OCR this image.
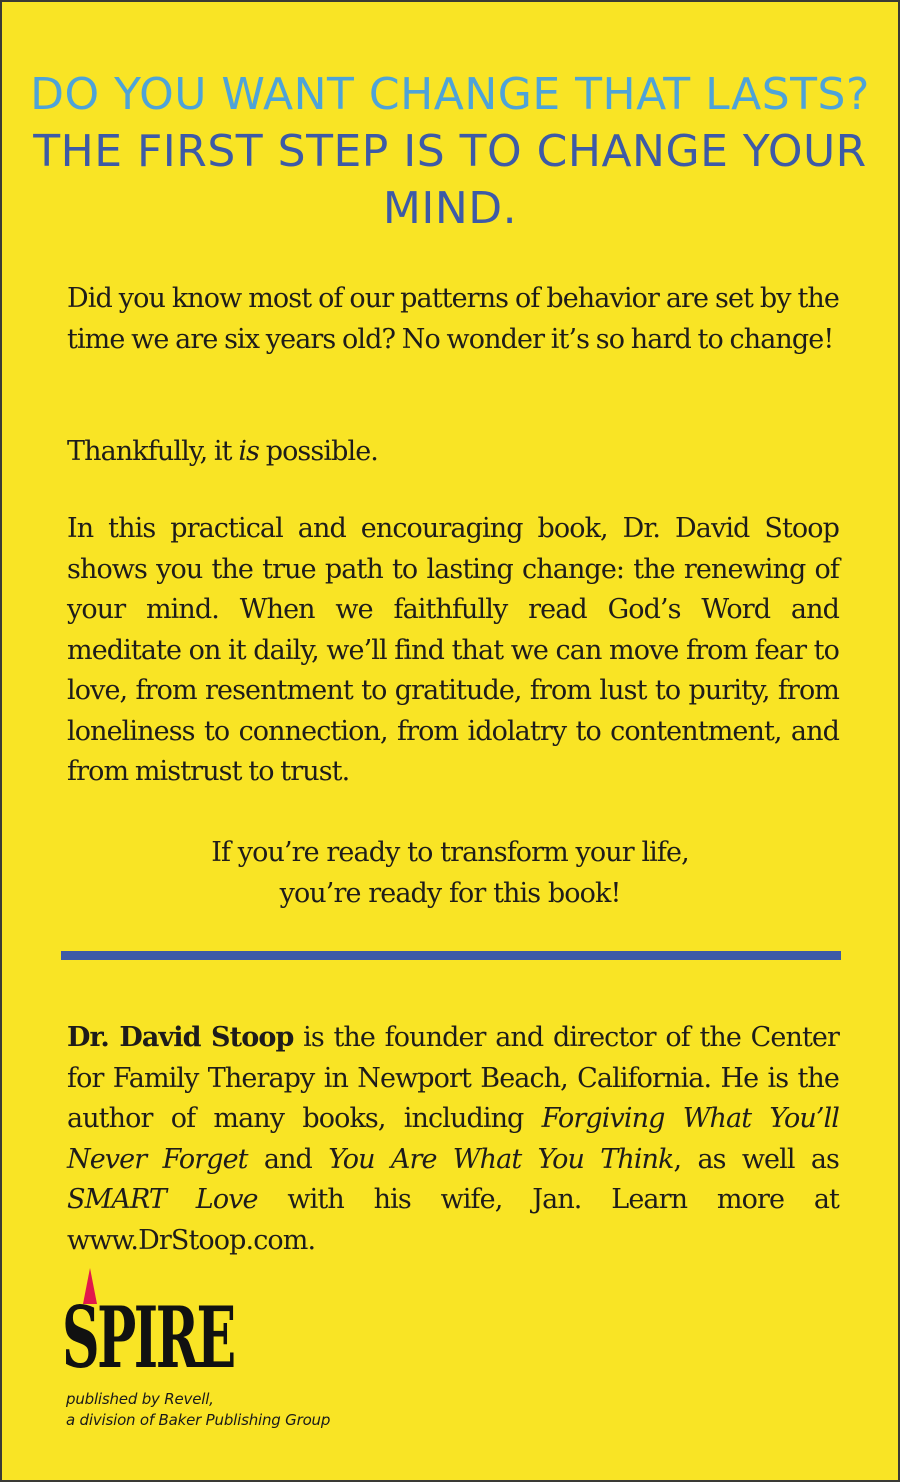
DO YOU WANT CHANGE THAT LASTS? THE FIRST STEP IS TO CHANGE YOUR MIND.

Did you know most of our patterns of behavior are set by the time we are six years old? No wonder it’s so hard to change!

Thankfully, it is possible.

In this practical and encouraging book, Dr. David Stoop shows you the true path to lasting change: the renewing of your mind. When we faithfully read God’s Word and meditate on it daily, we’ll find that we can move from fear to love, from resentment to gratitude, from lust to purity, from loneliness to connection, from idolatry to contentment, and from mistrust to trust.

If you’re ready to transform your life,
you’re ready for this book!

Dr. David Stoop is the founder and director of the Center for Family Therapy in Newport Beach, California. He is the author of many books, including Forgiving What You’ll Never Forget and You Are What You Think, as well as SMART Love with his wife, Jan. Learn more at www.DrStoop.com.

SPIRE
published by Revell,
a division of Baker Publishing Group
